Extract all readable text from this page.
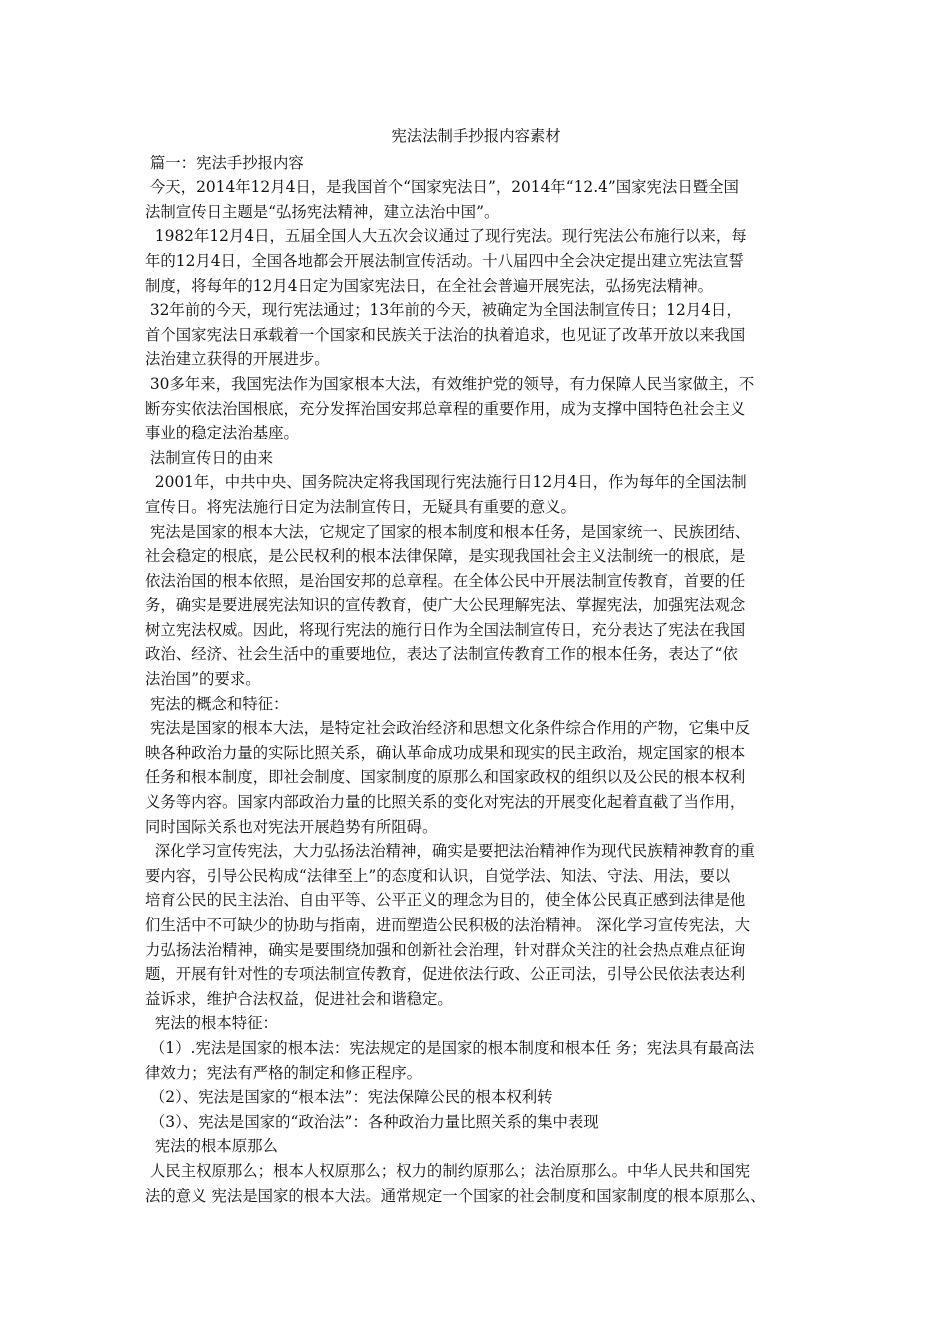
宪法法制手抄报内容素材
篇一：宪法手抄报内容
今天，2014年12月4日，是我国首个“国家宪法日”，2014年“12.4”国家宪法日暨全国
法制宣传日主题是“弘扬宪法精神，建立法治中国”。
1982年12月4日，五届全国人大五次会议通过了现行宪法。现行宪法公布施行以来，每
年的12月4日，全国各地都会开展法制宣传活动。十八届四中全会决定提出建立宪法宣誓
制度，将每年的12月4日定为国家宪法日，在全社会普遍开展宪法，弘扬宪法精神。
32年前的今天，现行宪法通过；13年前的今天，被确定为全国法制宣传日；12月4日，
首个国家宪法日承载着一个国家和民族关于法治的执着追求，也见证了改革开放以来我国
法治建立获得的开展进步。
30多年来，我国宪法作为国家根本大法，有效维护党的领导，有力保障人民当家做主，不
断夯实依法治国根底，充分发挥治国安邦总章程的重要作用，成为支撑中国特色社会主义
事业的稳定法治基座。
法制宣传日的由来
2001年，中共中央、国务院决定将我国现行宪法施行日12月4日，作为每年的全国法制
宣传日。将宪法施行日定为法制宣传日，无疑具有重要的意义。
宪法是国家的根本大法，它规定了国家的根本制度和根本任务，是国家统一、民族团结、
社会稳定的根底，是公民权利的根本法律保障，是实现我国社会主义法制统一的根底，是
依法治国的根本依照，是治国安邦的总章程。在全体公民中开展法制宣传教育，首要的任
务，确实是要进展宪法知识的宣传教育，使广大公民理解宪法、掌握宪法，加强宪法观念
树立宪法权威。因此，将现行宪法的施行日作为全国法制宣传日，充分表达了宪法在我国
政治、经济、社会生活中的重要地位，表达了法制宣传教育工作的根本任务，表达了“依
法治国”的要求。
宪法的概念和特征：
宪法是国家的根本大法，是特定社会政治经济和思想文化条件综合作用的产物，它集中反
映各种政治力量的实际比照关系，确认革命成功成果和现实的民主政治，规定国家的根本
任务和根本制度，即社会制度、国家制度的原那么和国家政权的组织以及公民的根本权利
义务等内容。国家内部政治力量的比照关系的变化对宪法的开展变化起着直截了当作用，
同时国际关系也对宪法开展趋势有所阻碍。
深化学习宣传宪法，大力弘扬法治精神，确实是要把法治精神作为现代民族精神教育的重
要内容，引导公民构成“法律至上”的态度和认识，自觉学法、知法、守法、用法，要以
培育公民的民主法治、自由平等、公平正义的理念为目的，使全体公民真正感到法律是他
们生活中不可缺少的协助与指南，进而塑造公民积极的法治精神。 深化学习宣传宪法，大
力弘扬法治精神，确实是要围绕加强和创新社会治理，针对群众关注的社会热点难点征询
题，开展有针对性的专项法制宣传教育，促进依法行政、公正司法，引导公民依法表达利
益诉求，维护合法权益，促进社会和谐稳定。
宪法的根本特征：
（1）.宪法是国家的根本法：宪法规定的是国家的根本制度和根本任 务；宪法具有最高法
律效力；宪法有严格的制定和修正程序。
（2）、宪法是国家的“根本法”：宪法保障公民的根本权利转
（3）、宪法是国家的“政治法”：各种政治力量比照关系的集中表现
宪法的根本原那么
人民主权原那么；根本人权原那么；权力的制约原那么；法治原那么。中华人民共和国宪
法的意义 宪法是国家的根本大法。通常规定一个国家的社会制度和国家制度的根本原那么、
